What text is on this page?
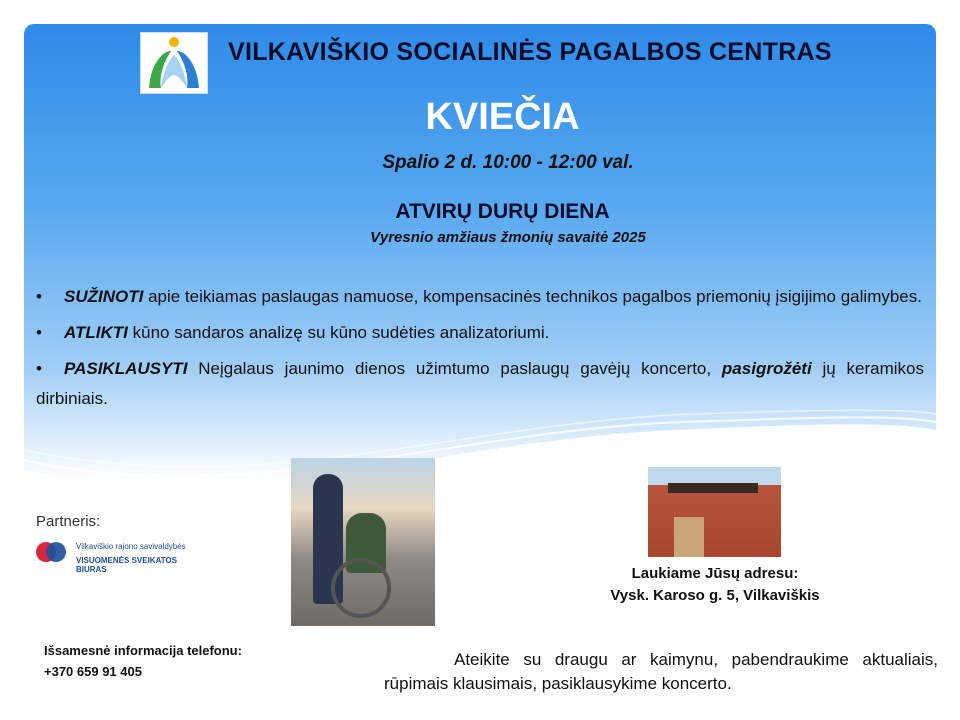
VILKAVIŠKIO SOCIALINĖS PAGALBOS CENTRAS
KVIEČIA
Spalio 2 d. 10:00 - 12:00 val.
ATVIRŲ DURŲ DIENA
Vyresnio amžiaus žmonių savaitė 2025
• SUŽINOTI apie teikiamas paslaugas namuose, kompensacinės technikos pagalbos priemonių įsigijimo galimybes.
• ATLIKTI kūno sandaros analizę su kūno sudėties analizatoriumi.
• PASIKLAUSYTI Neįgalaus jaunimo dienos užimtumo paslaugų gavėjų koncerto, pasigrožėti jų keramikos dirbiniais.
Partneris:
Vilkaviškio rajono savivaldybės
VISUOMENĖS SVEIKATOS BIURAS	Laukiame Jūsų adresu:
Vysk. Karoso g. 5, Vilkaviškis
Išsamesnė informacija telefonu:
+370 659 91 405
Ateikite su draugu ar kaimynu, pabendraukime aktualiais, rūpimais klausimais, pasiklausykime koncerto.
